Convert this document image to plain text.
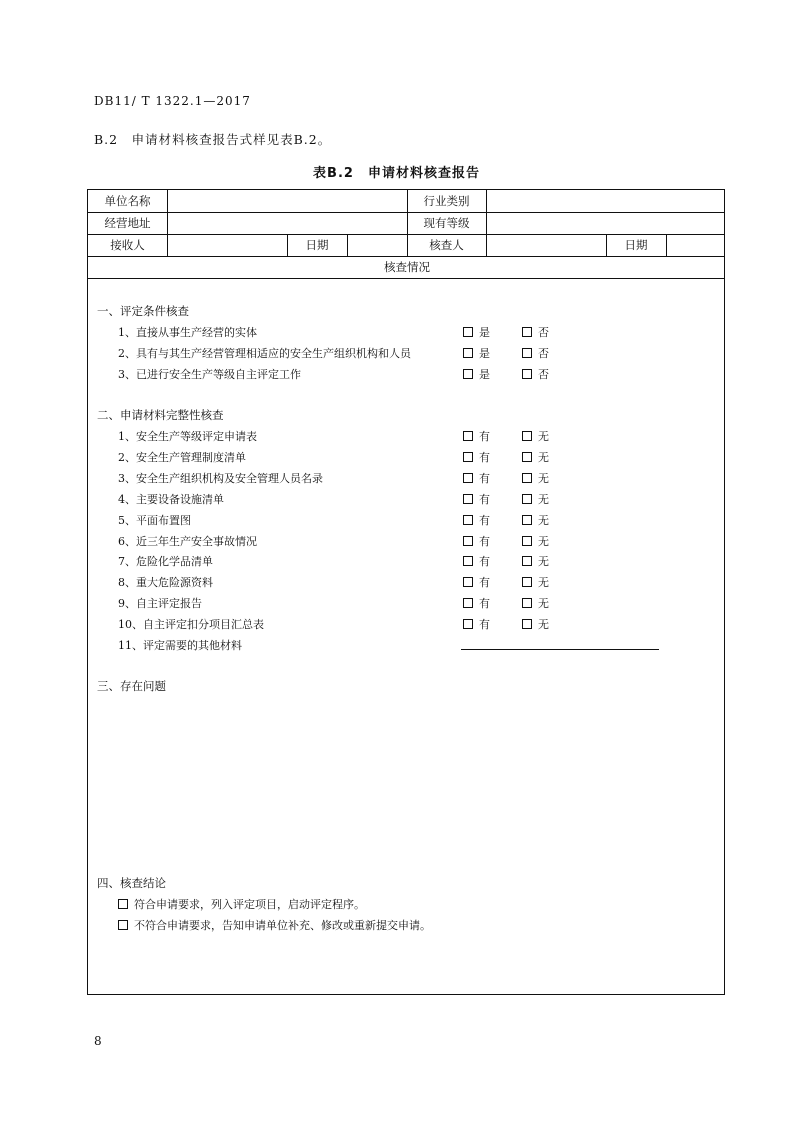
DB11/ T 1322.1—2017
B.2　申请材料核查报告式样见表B.2。
表B.2　申请材料核查报告
单位名称	行业类别
经营地址	现有等级
接收人	日期	核查人	日期
核查情况
一、评定条件核查
1、直接从事生产经营的实体	是	否
2、具有与其生产经营管理相适应的安全生产组织机构和人员	是	否
3、已进行安全生产等级自主评定工作	是	否
二、申请材料完整性核查
1、安全生产等级评定申请表	有	无
2、安全生产管理制度清单	有	无
3、安全生产组织机构及安全管理人员名录	有	无
4、主要设备设施清单	有	无
5、平面布置图	有	无
6、近三年生产安全事故情况	有	无
7、危险化学品清单	有	无
8、重大危险源资料	有	无
9、自主评定报告	有	无
10、自主评定扣分项目汇总表	有	无
11、评定需要的其他材料
三、存在问题
四、核查结论
符合申请要求，列入评定项目，启动评定程序。
不符合申请要求，告知申请单位补充、修改或重新提交申请。
8
